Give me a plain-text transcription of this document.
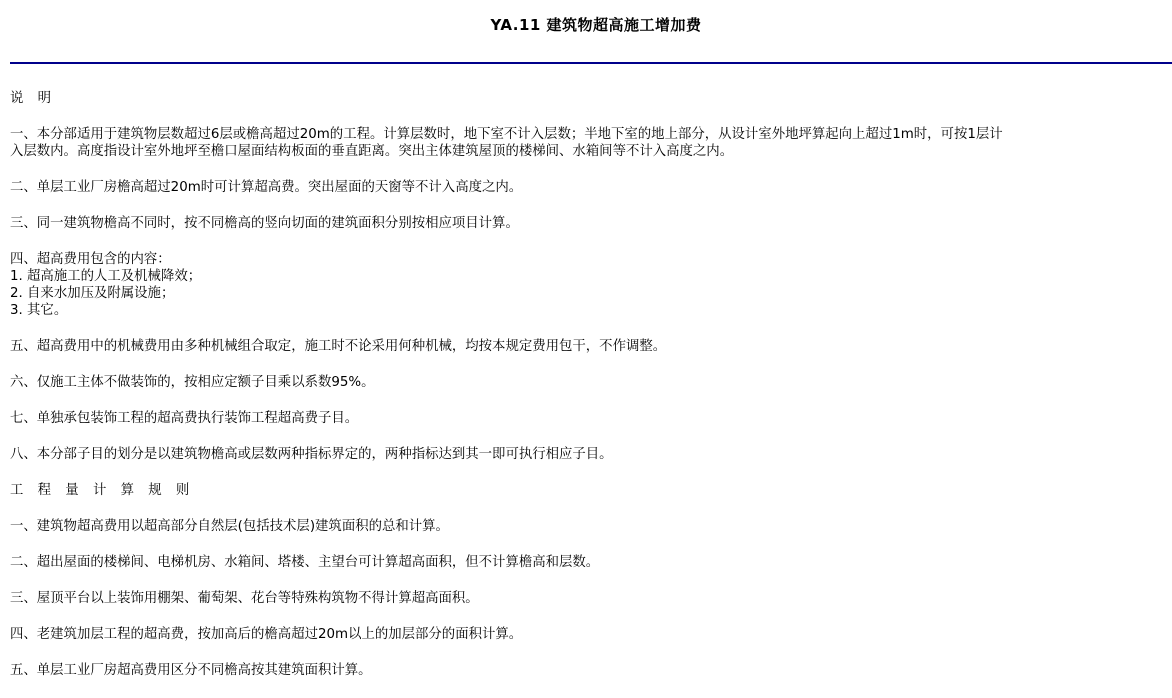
YA.11 建筑物超高施工增加费
说 明
一、本分部适用于建筑物层数超过6层或檐高超过20m的工程。计算层数时，地下室不计入层数；半地下室的地上部分，从设计室外地坪算起向上超过1m时，可按1层计
入层数内。高度指设计室外地坪至檐口屋面结构板面的垂直距离。突出主体建筑屋顶的楼梯间、水箱间等不计入高度之内。
二、单层工业厂房檐高超过20m时可计算超高费。突出屋面的天窗等不计入高度之内。
三、同一建筑物檐高不同时，按不同檐高的竖向切面的建筑面积分别按相应项目计算。
四、超高费用包含的内容：
1. 超高施工的人工及机械降效；
2. 自来水加压及附属设施；
3. 其它。
五、超高费用中的机械费用由多种机械组合取定，施工时不论采用何种机械，均按本规定费用包干，不作调整。
六、仅施工主体不做装饰的，按相应定额子目乘以系数95%。
七、单独承包装饰工程的超高费执行装饰工程超高费子目。
八、本分部子目的划分是以建筑物檐高或层数两种指标界定的，两种指标达到其一即可执行相应子目。
工 程 量 计 算 规 则
一、建筑物超高费用以超高部分自然层(包括技术层)建筑面积的总和计算。
二、超出屋面的楼梯间、电梯机房、水箱间、塔楼、主望台可计算超高面积，但不计算檐高和层数。
三、屋顶平台以上装饰用棚架、葡萄架、花台等特殊构筑物不得计算超高面积。
四、老建筑加层工程的超高费，按加高后的檐高超过20m以上的加层部分的面积计算。
五、单层工业厂房超高费用区分不同檐高按其建筑面积计算。
